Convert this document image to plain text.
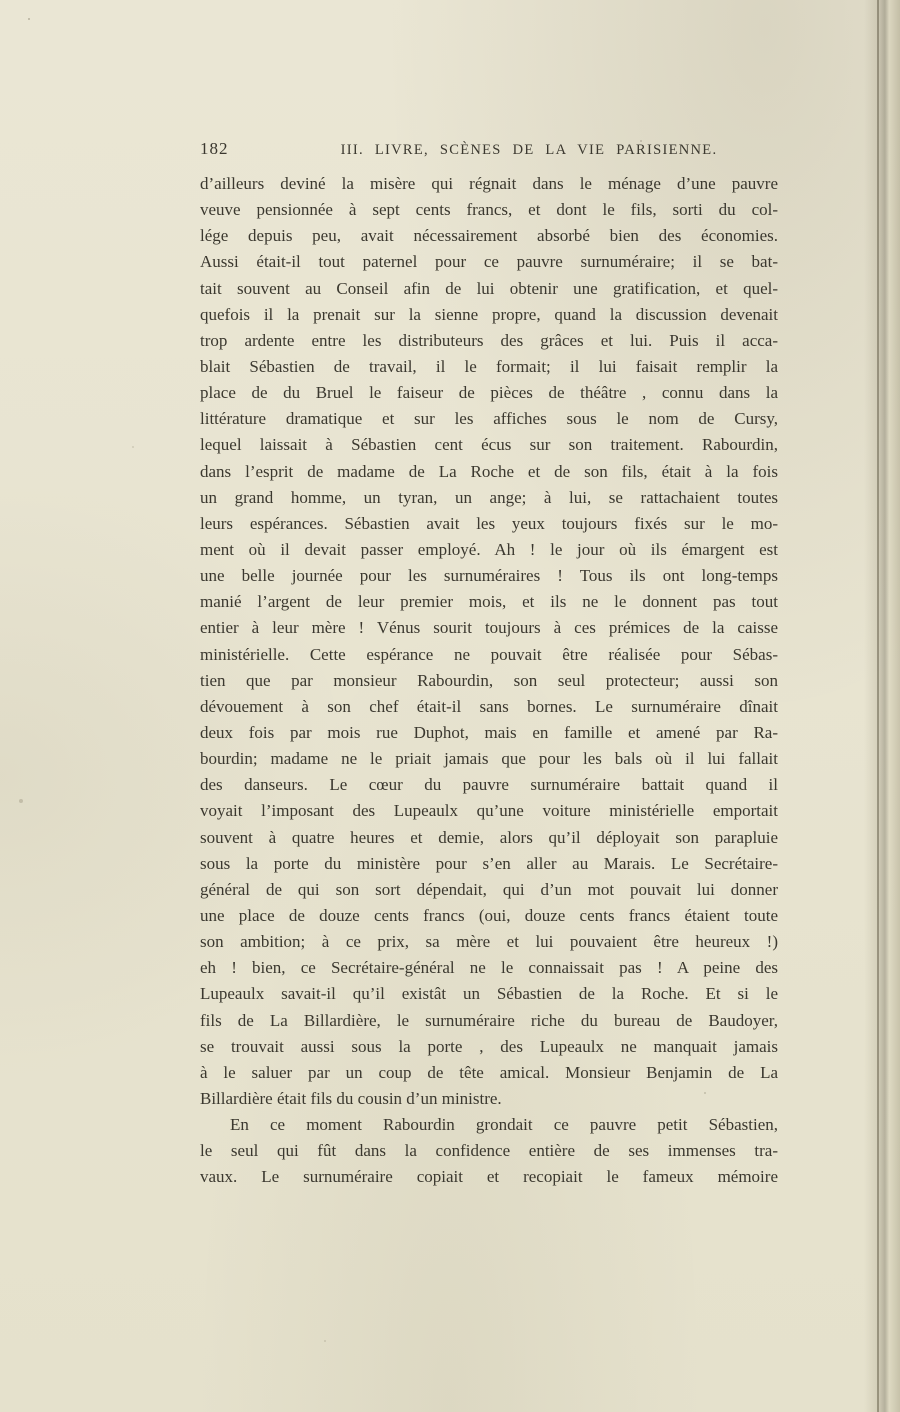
182	III. LIVRE, SCÈNES DE LA VIE PARISIENNE.
d’ailleurs deviné la misère qui régnait dans le ménage d’une pauvre
veuve pensionnée à sept cents francs, et dont le fils, sorti du col-
lége depuis peu, avait nécessairement absorbé bien des économies.
Aussi était-il tout paternel pour ce pauvre surnuméraire; il se bat-
tait souvent au Conseil afin de lui obtenir une gratification, et quel-
quefois il la prenait sur la sienne propre, quand la discussion devenait
trop ardente entre les distributeurs des grâces et lui. Puis il acca-
blait Sébastien de travail, il le formait; il lui faisait remplir la
place de du Bruel le faiseur de pièces de théâtre , connu dans la
littérature dramatique et sur les affiches sous le nom de Cursy,
lequel laissait à Sébastien cent écus sur son traitement. Rabourdin,
dans l’esprit de madame de La Roche et de son fils, était à la fois
un grand homme, un tyran, un ange; à lui, se rattachaient toutes
leurs espérances. Sébastien avait les yeux toujours fixés sur le mo-
ment où il devait passer employé. Ah ! le jour où ils émargent est
une belle journée pour les surnuméraires ! Tous ils ont long-temps
manié l’argent de leur premier mois, et ils ne le donnent pas tout
entier à leur mère ! Vénus sourit toujours à ces prémices de la caisse
ministérielle. Cette espérance ne pouvait être réalisée pour Sébas-
tien que par monsieur Rabourdin, son seul protecteur; aussi son
dévouement à son chef était-il sans bornes. Le surnuméraire dînait
deux fois par mois rue Duphot, mais en famille et amené par Ra-
bourdin; madame ne le priait jamais que pour les bals où il lui fallait
des danseurs. Le cœur du pauvre surnuméraire battait quand il
voyait l’imposant des Lupeaulx qu’une voiture ministérielle emportait
souvent à quatre heures et demie, alors qu’il déployait son parapluie
sous la porte du ministère pour s’en aller au Marais. Le Secrétaire-
général de qui son sort dépendait, qui d’un mot pouvait lui donner
une place de douze cents francs (oui, douze cents francs étaient toute
son ambition; à ce prix, sa mère et lui pouvaient être heureux !)
eh ! bien, ce Secrétaire-général ne le connaissait pas ! A peine des
Lupeaulx savait-il qu’il existât un Sébastien de la Roche. Et si le
fils de La Billardière, le surnuméraire riche du bureau de Baudoyer,
se trouvait aussi sous la porte , des Lupeaulx ne manquait jamais
à le saluer par un coup de tête amical. Monsieur Benjamin de La
Billardière était fils du cousin d’un ministre.
En ce moment Rabourdin grondait ce pauvre petit Sébastien,
le seul qui fût dans la confidence entière de ses immenses tra-
vaux. Le surnuméraire copiait et recopiait le fameux mémoire
